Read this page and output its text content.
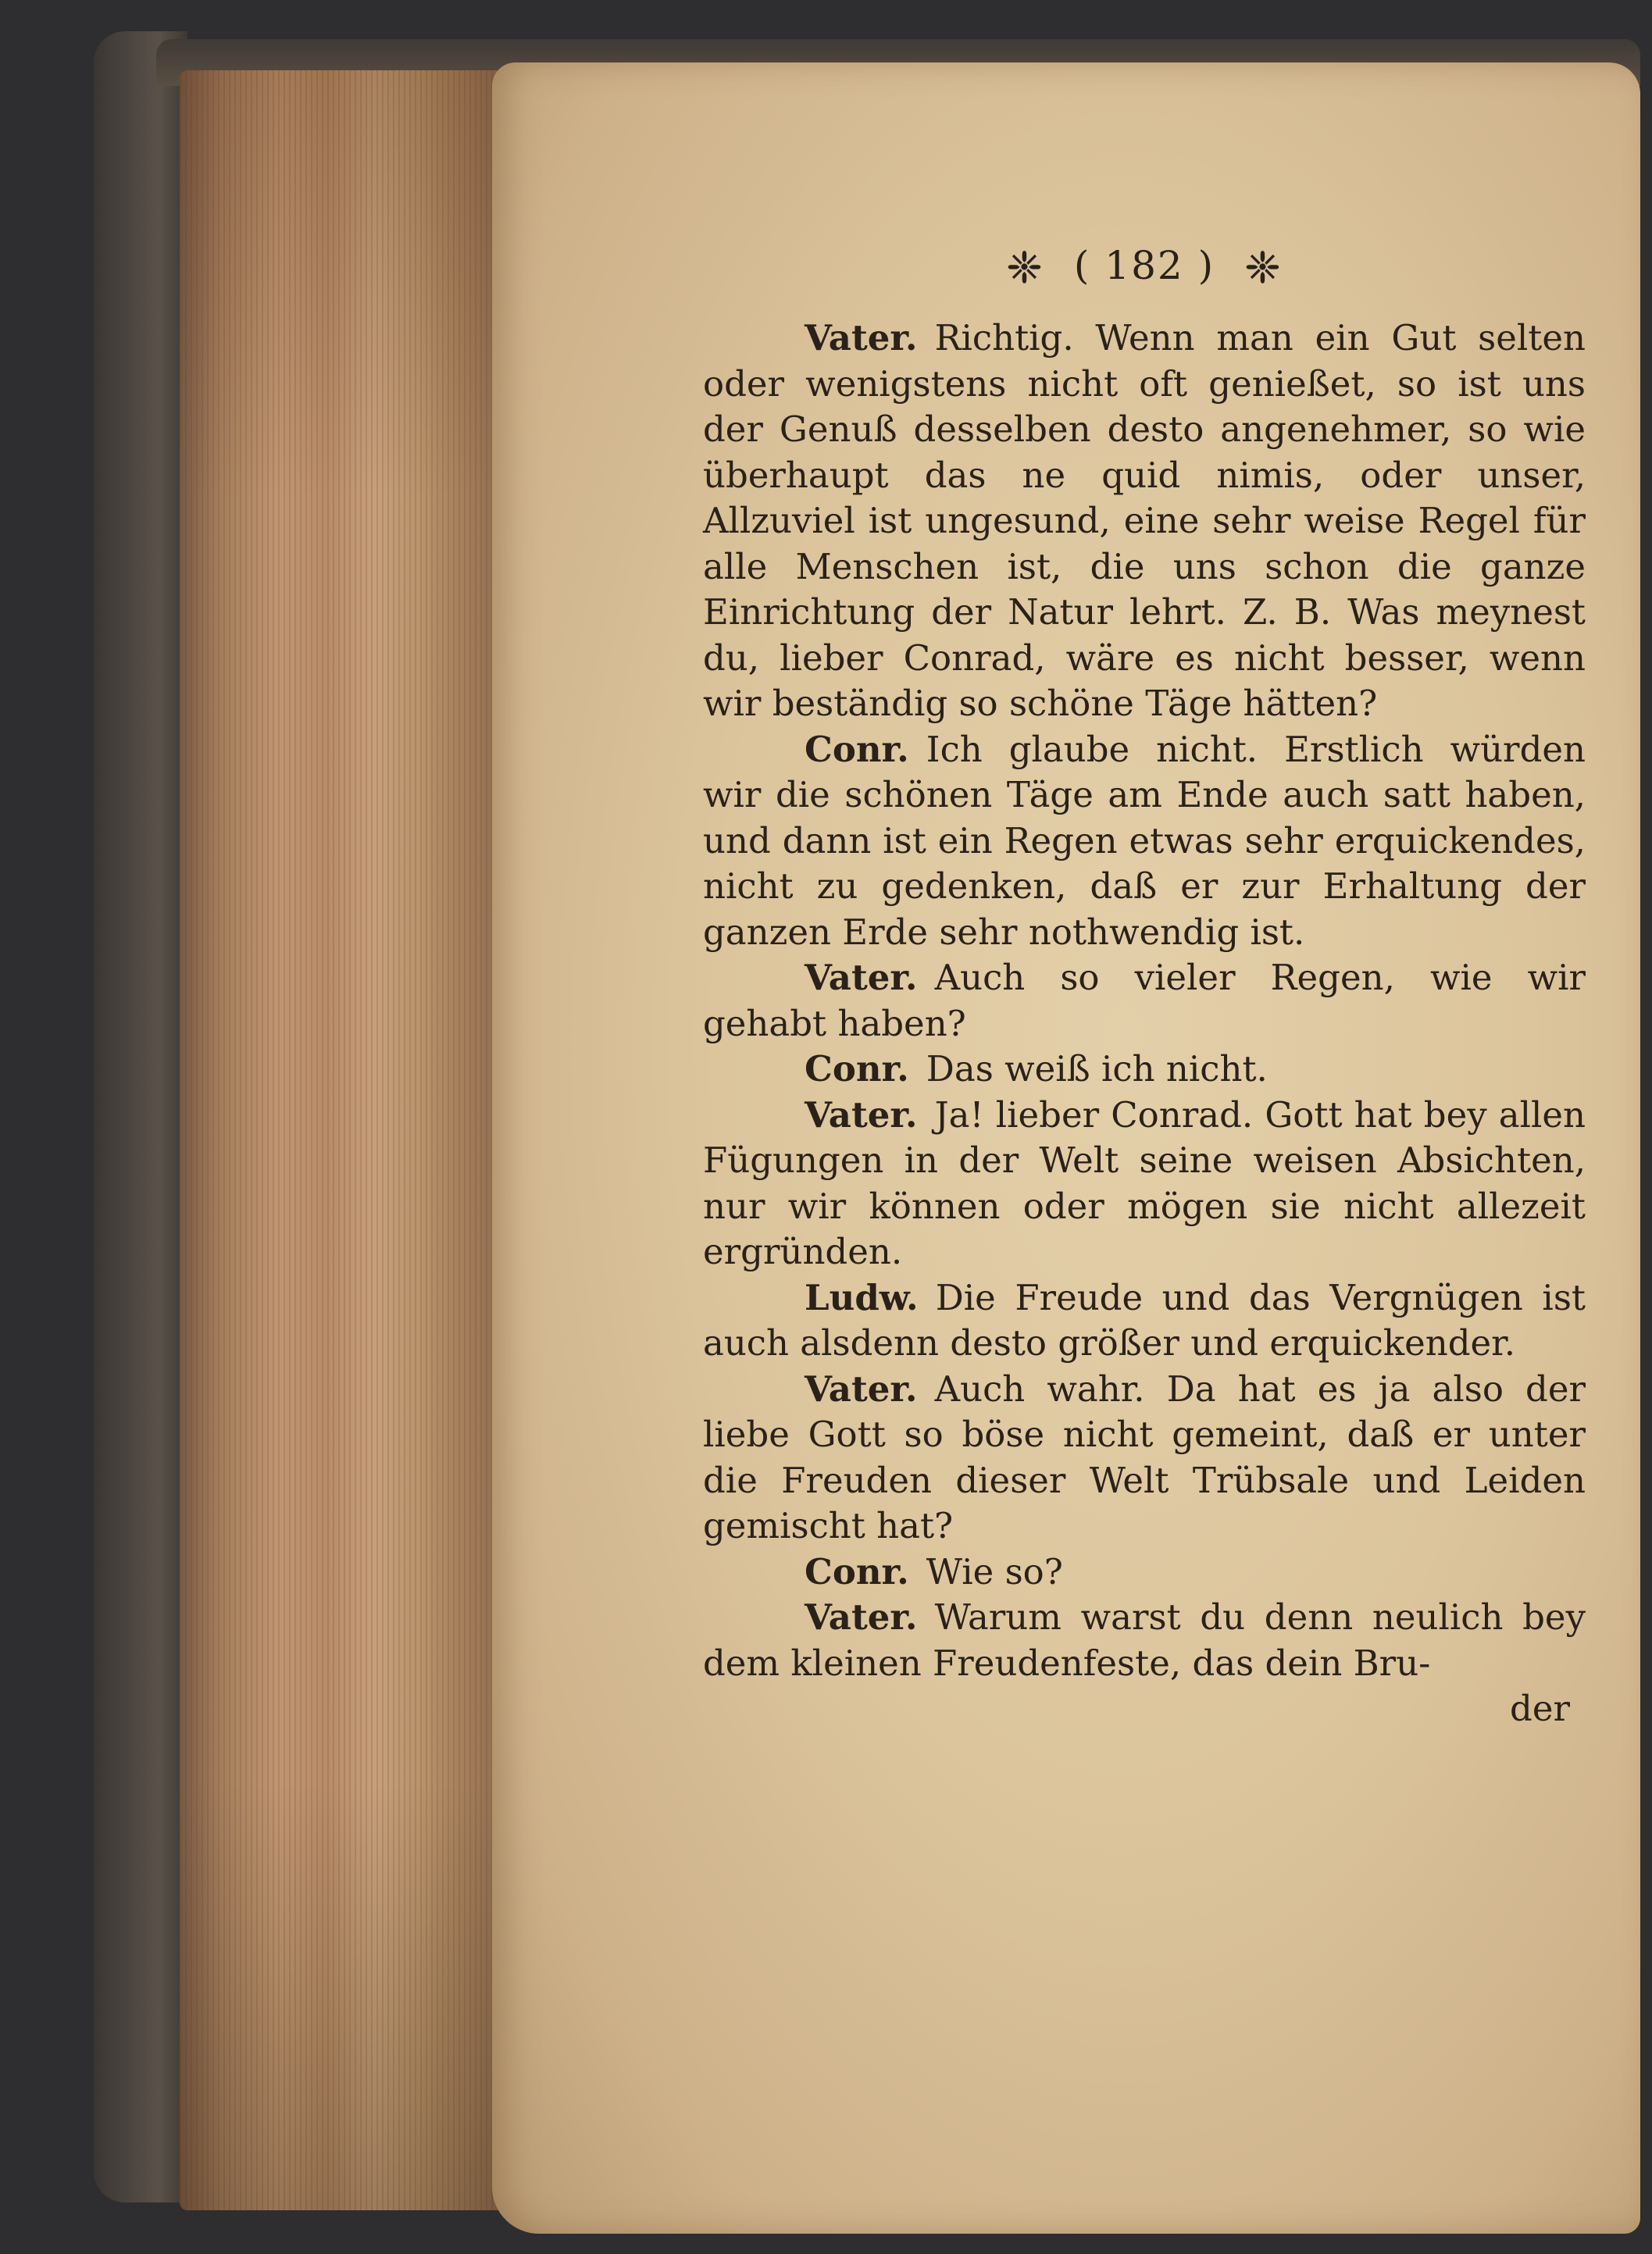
❈ ( 182 ) ❈

Vater. Richtig. Wenn man ein Gut selten oder wenigstens nicht oft genießet, so ist uns der Genuß desselben desto angenehmer, so wie überhaupt das ne quid nimis, oder unser, Allzuviel ist ungesund, eine sehr weise Regel für alle Menschen ist, die uns schon die ganze Einrichtung der Natur lehrt. Z. B. Was meynest du, lieber Conrad, wäre es nicht besser, wenn wir beständig so schöne Täge hätten?

Conr. Ich glaube nicht. Erstlich würden wir die schönen Täge am Ende auch satt haben, und dann ist ein Regen etwas sehr erquickendes, nicht zu gedenken, daß er zur Erhaltung der ganzen Erde sehr nothwendig ist.

Vater. Auch so vieler Regen, wie wir gehabt haben?

Conr. Das weiß ich nicht.

Vater. Ja! lieber Conrad. Gott hat bey allen Fügungen in der Welt seine weisen Absichten, nur wir können oder mögen sie nicht allezeit ergründen.

Ludw. Die Freude und das Vergnügen ist auch alsdenn desto größer und erquickender.

Vater. Auch wahr. Da hat es ja also der liebe Gott so böse nicht gemeint, daß er unter die Freuden dieser Welt Trübsale und Leiden gemischt hat?

Conr. Wie so?

Vater. Warum warst du denn neulich bey dem kleinen Freudenfeste, das dein Bru-

der
